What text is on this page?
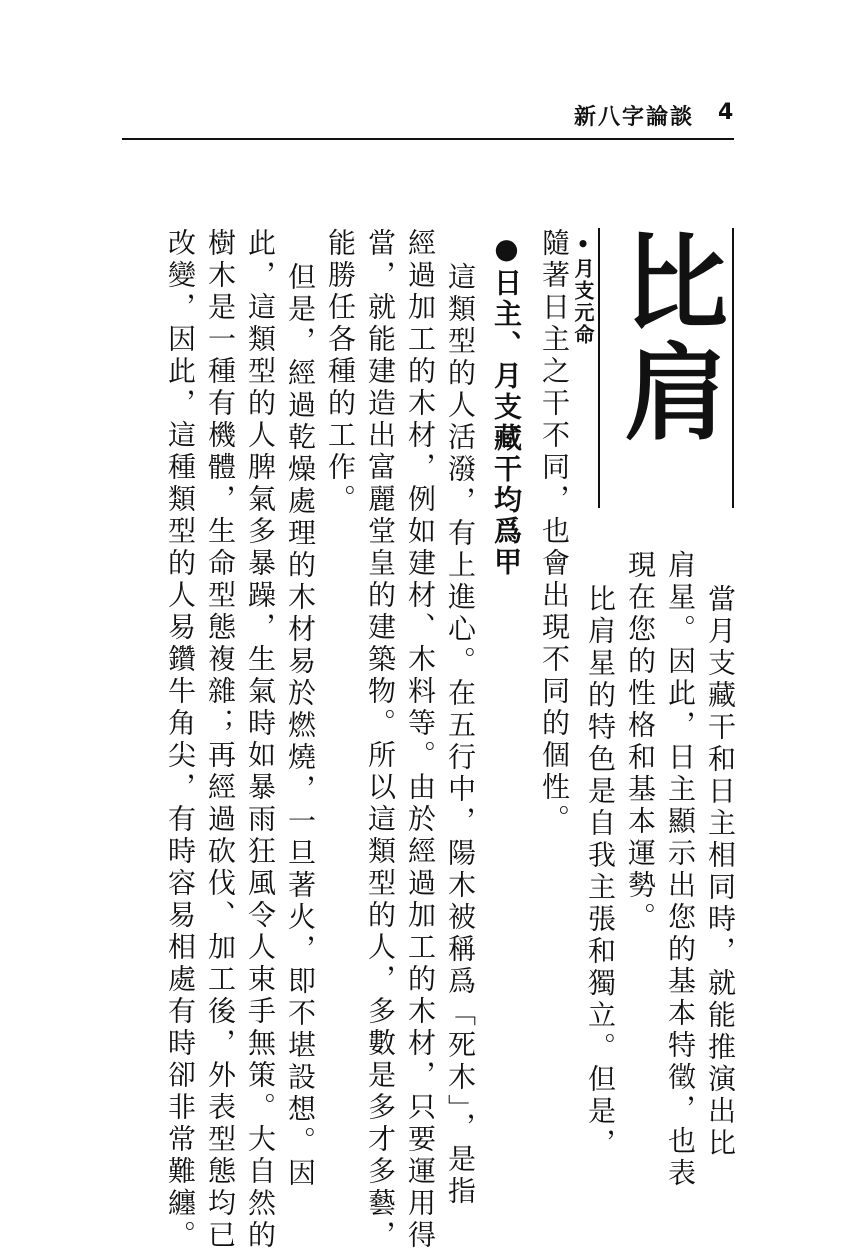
新八字論談 4
比肩
•月支元命
當月支藏干和日主相同時，就能推演出比
肩星。因此，日主顯示出您的基本特徵，也表
現在您的性格和基本運勢。
比肩星的特色是自我主張和獨立。但是，
隨著日主之干不同，也會出現不同的個性。
●日主、月支藏干均爲甲
這類型的人活潑，有上進心。在五行中，陽木被稱爲「死木」，是指
經過加工的木材，例如建材、木料等。由於經過加工的木材，只要運用得
當，就能建造出富麗堂皇的建築物。所以這類型的人，多數是多才多藝，
能勝任各種的工作。
但是，經過乾燥處理的木材易於燃燒，一旦著火，即不堪設想。因
此，這類型的人脾氣多暴躁，生氣時如暴雨狂風令人束手無策。大自然的
樹木是一種有機體，生命型態複雜；再經過砍伐、加工後，外表型態均已
改變，因此，這種類型的人易鑽牛角尖，有時容易相處有時卻非常難纏。
